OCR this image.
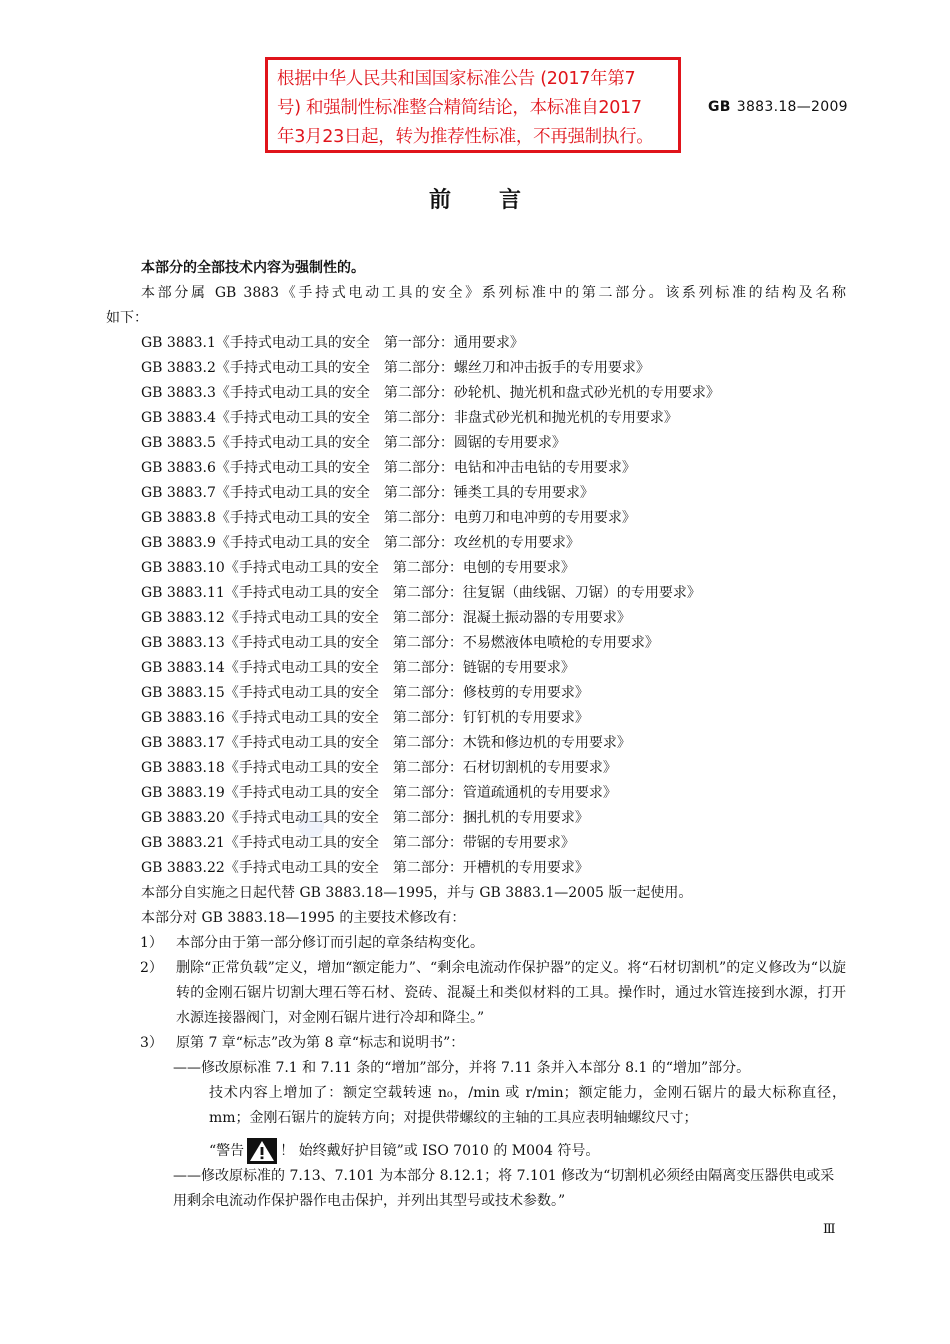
根据中华人民共和国国家标准公告 (2017年第7
号) 和强制性标准整合精简结论，本标准自2017
年3月23日起，转为推荐性标准，不再强制执行。
GB 3883.18—2009
前言
本部分的全部技术内容为强制性的。
本部分属 GB 3883《手持式电动工具的安全》系列标准中的第二部分。该系列标准的结构及名称
如下：
GB 3883.1《手持式电动工具的安全　第一部分：通用要求》
GB 3883.2《手持式电动工具的安全　第二部分：螺丝刀和冲击扳手的专用要求》
GB 3883.3《手持式电动工具的安全　第二部分：砂轮机、抛光机和盘式砂光机的专用要求》
GB 3883.4《手持式电动工具的安全　第二部分：非盘式砂光机和抛光机的专用要求》
GB 3883.5《手持式电动工具的安全　第二部分：圆锯的专用要求》
GB 3883.6《手持式电动工具的安全　第二部分：电钻和冲击电钻的专用要求》
GB 3883.7《手持式电动工具的安全　第二部分：锤类工具的专用要求》
GB 3883.8《手持式电动工具的安全　第二部分：电剪刀和电冲剪的专用要求》
GB 3883.9《手持式电动工具的安全　第二部分：攻丝机的专用要求》
GB 3883.10《手持式电动工具的安全　第二部分：电刨的专用要求》
GB 3883.11《手持式电动工具的安全　第二部分：往复锯（曲线锯、刀锯）的专用要求》
GB 3883.12《手持式电动工具的安全　第二部分：混凝土振动器的专用要求》
GB 3883.13《手持式电动工具的安全　第二部分：不易燃液体电喷枪的专用要求》
GB 3883.14《手持式电动工具的安全　第二部分：链锯的专用要求》
GB 3883.15《手持式电动工具的安全　第二部分：修枝剪的专用要求》
GB 3883.16《手持式电动工具的安全　第二部分：钉钉机的专用要求》
GB 3883.17《手持式电动工具的安全　第二部分：木铣和修边机的专用要求》
GB 3883.18《手持式电动工具的安全　第二部分：石材切割机的专用要求》
GB 3883.19《手持式电动工具的安全　第二部分：管道疏通机的专用要求》
GB 3883.20《手持式电动工具的安全　第二部分：捆扎机的专用要求》
GB 3883.21《手持式电动工具的安全　第二部分：带锯的专用要求》
GB 3883.22《手持式电动工具的安全　第二部分：开槽机的专用要求》
本部分自实施之日起代替 GB 3883.18—1995，并与 GB 3883.1—2005 版一起使用。
本部分对 GB 3883.18—1995 的主要技术修改有：
1） 本部分由于第一部分修订而引起的章条结构变化。
2） 删除“正常负载”定义，增加“额定能力”、“剩余电流动作保护器”的定义。将“石材切割机”的定义修改为“以旋转的金刚石锯片切割大理石等石材、瓷砖、混凝土和类似材料的工具。操作时，通过水管连接到水源，打开水源连接器阀门，对金刚石锯片进行冷却和降尘。”
3） 原第 7 章“标志”改为第 8 章“标志和说明书”：
——修改原标准 7.1 和 7.11 条的“增加”部分，并将 7.11 条并入本部分 8.1 的“增加”部分。
技术内容上增加了：额定空载转速 n₀，/min 或 r/min；额定能力，金刚石锯片的最大标称直径，mm；金刚石锯片的旋转方向；对提供带螺纹的主轴的工具应表明轴螺纹尺寸；
“警告	！ 始终戴好护目镜”或 ISO 7010 的 M004 符号。
——修改原标准的 7.13、7.101 为本部分 8.12.1；将 7.101 修改为“切割机必须经由隔离变压器供电或采用剩余电流动作保护器作电击保护，并列出其型号或技术参数。”
Ⅲ
